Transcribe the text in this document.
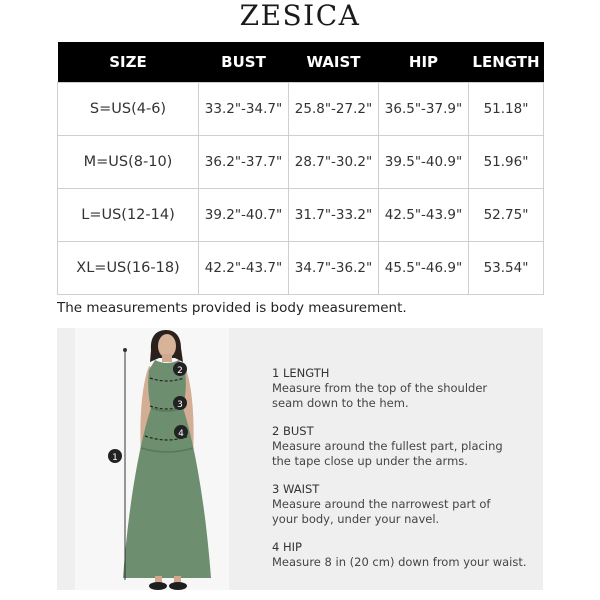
ZESICA
SIZE	BUST	WAIST	HIP	LENGTH
S=US(4-6)	33.2"-34.7"	25.8"-27.2"	36.5"-37.9"	51.18"
M=US(8-10)	36.2"-37.7"	28.7"-30.2"	39.5"-40.9"	51.96"
L=US(12-14)	39.2"-40.7"	31.7"-33.2"	42.5"-43.9"	52.75"
XL=US(16-18)	42.2"-43.7"	34.7"-36.2"	45.5"-46.9"	53.54"
The measurements provided is body measurement.
1
2
3
4
1 LENGTH
Measure from the top of the shoulder
seam down to the hem.
2 BUST
Measure around the fullest part, placing
the tape close up under the arms.
3 WAIST
Measure around the narrowest part of
your body, under your navel.
4 HIP
Measure 8 in (20 cm) down from your waist.
